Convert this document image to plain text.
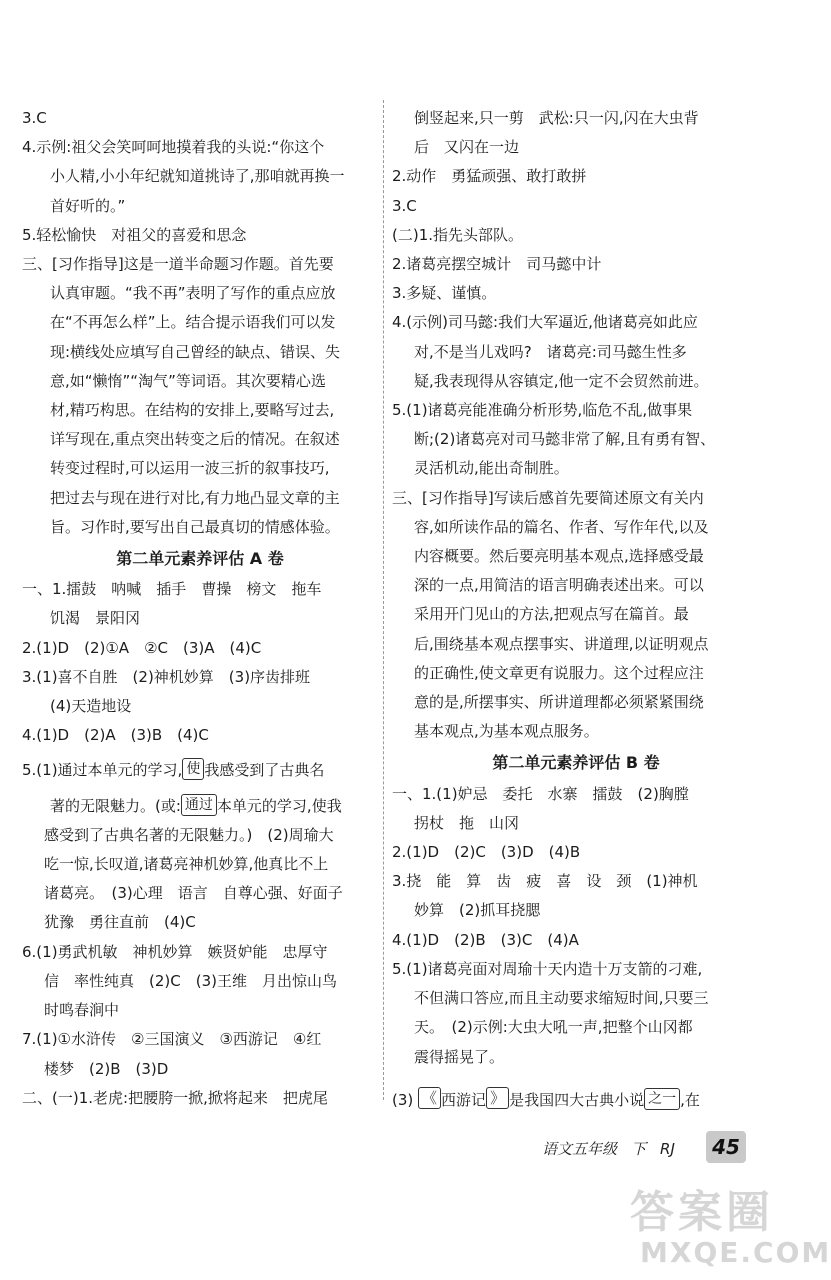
3.C
4.示例:祖父会笑呵呵地摸着我的头说:“你这个
小人精,小小年纪就知道挑诗了,那咱就再换一
首好听的。”
5.轻松愉快　对祖父的喜爱和思念
三、[习作指导]这是一道半命题习作题。首先要
认真审题。“我不再”表明了写作的重点应放
在“不再怎么样”上。结合提示语我们可以发
现:横线处应填写自己曾经的缺点、错误、失
意,如“懒惰”“淘气”等词语。其次要精心选
材,精巧构思。在结构的安排上,要略写过去,
详写现在,重点突出转变之后的情况。在叙述
转变过程时,可以运用一波三折的叙事技巧,
把过去与现在进行对比,有力地凸显文章的主
旨。习作时,要写出自己最真切的情感体验。
第二单元素养评估 A 卷
一、1.擂鼓　呐喊　插手　曹操　榜文　拖车
饥渴　景阳冈
2.(1)D　(2)①A　②C　(3)A　(4)C
3.(1)喜不自胜　(2)神机妙算　(3)序齿排班
(4)天造地设
4.(1)D　(2)A　(3)B　(4)C
5.(1)通过本单元的学习, 使 我感受到了古典名
著的无限魅力。(或: 通过 本单元的学习,使我
感受到了古典名著的无限魅力。)　(2)周瑜大
吃一惊,长叹道,诸葛亮神机妙算,他真比不上
诸葛亮。　(3)心理　语言　自尊心强、好面子
犹豫　勇往直前　(4)C
6.(1)勇武机敏　神机妙算　嫉贤妒能　忠厚守
信　率性纯真　(2)C　(3)王维　月出惊山鸟
时鸣春涧中
7.(1)①水浒传　②三国演义　③西游记　④红
楼梦　(2)B　(3)D
二、(一)1.老虎:把腰胯一掀,掀将起来　把虎尾
倒竖起来,只一剪　武松:只一闪,闪在大虫背
后　又闪在一边
2.动作　勇猛顽强、敢打敢拼
3.C
(二)1.指先头部队。
2.诸葛亮摆空城计　司马懿中计
3.多疑、谨慎。
4.(示例)司马懿:我们大军逼近,他诸葛亮如此应
对,不是当儿戏吗?　诸葛亮:司马懿生性多
疑,我表现得从容镇定,他一定不会贸然前进。
5.(1)诸葛亮能准确分析形势,临危不乱,做事果
断;(2)诸葛亮对司马懿非常了解,且有勇有智、
灵活机动,能出奇制胜。
三、[习作指导]写读后感首先要简述原文有关内
容,如所读作品的篇名、作者、写作年代,以及
内容概要。然后要亮明基本观点,选择感受最
深的一点,用简洁的语言明确表述出来。可以
采用开门见山的方法,把观点写在篇首。最
后,围绕基本观点摆事实、讲道理,以证明观点
的正确性,使文章更有说服力。这个过程应注
意的是,所摆事实、所讲道理都必须紧紧围绕
基本观点,为基本观点服务。
第二单元素养评估 B 卷
一、1.(1)妒忌　委托　水寨　擂鼓　(2)胸膛
拐杖　拖　山冈
2.(1)D　(2)C　(3)D　(4)B
3.挠　能　算　齿　疲　喜　设　颈　(1)神机
妙算　(2)抓耳挠腮
4.(1)D　(2)B　(3)C　(4)A
5.(1)诸葛亮面对周瑜十天内造十万支箭的刁难,
不但满口答应,而且主动要求缩短时间,只要三
天。　(2)示例:大虫大吼一声,把整个山冈都
震得摇晃了。
(3) 《 西游记 》 是我国四大古典小说 之一 ,在
语文五年级 下 RJ	45
答案圈
MXQE.COM
